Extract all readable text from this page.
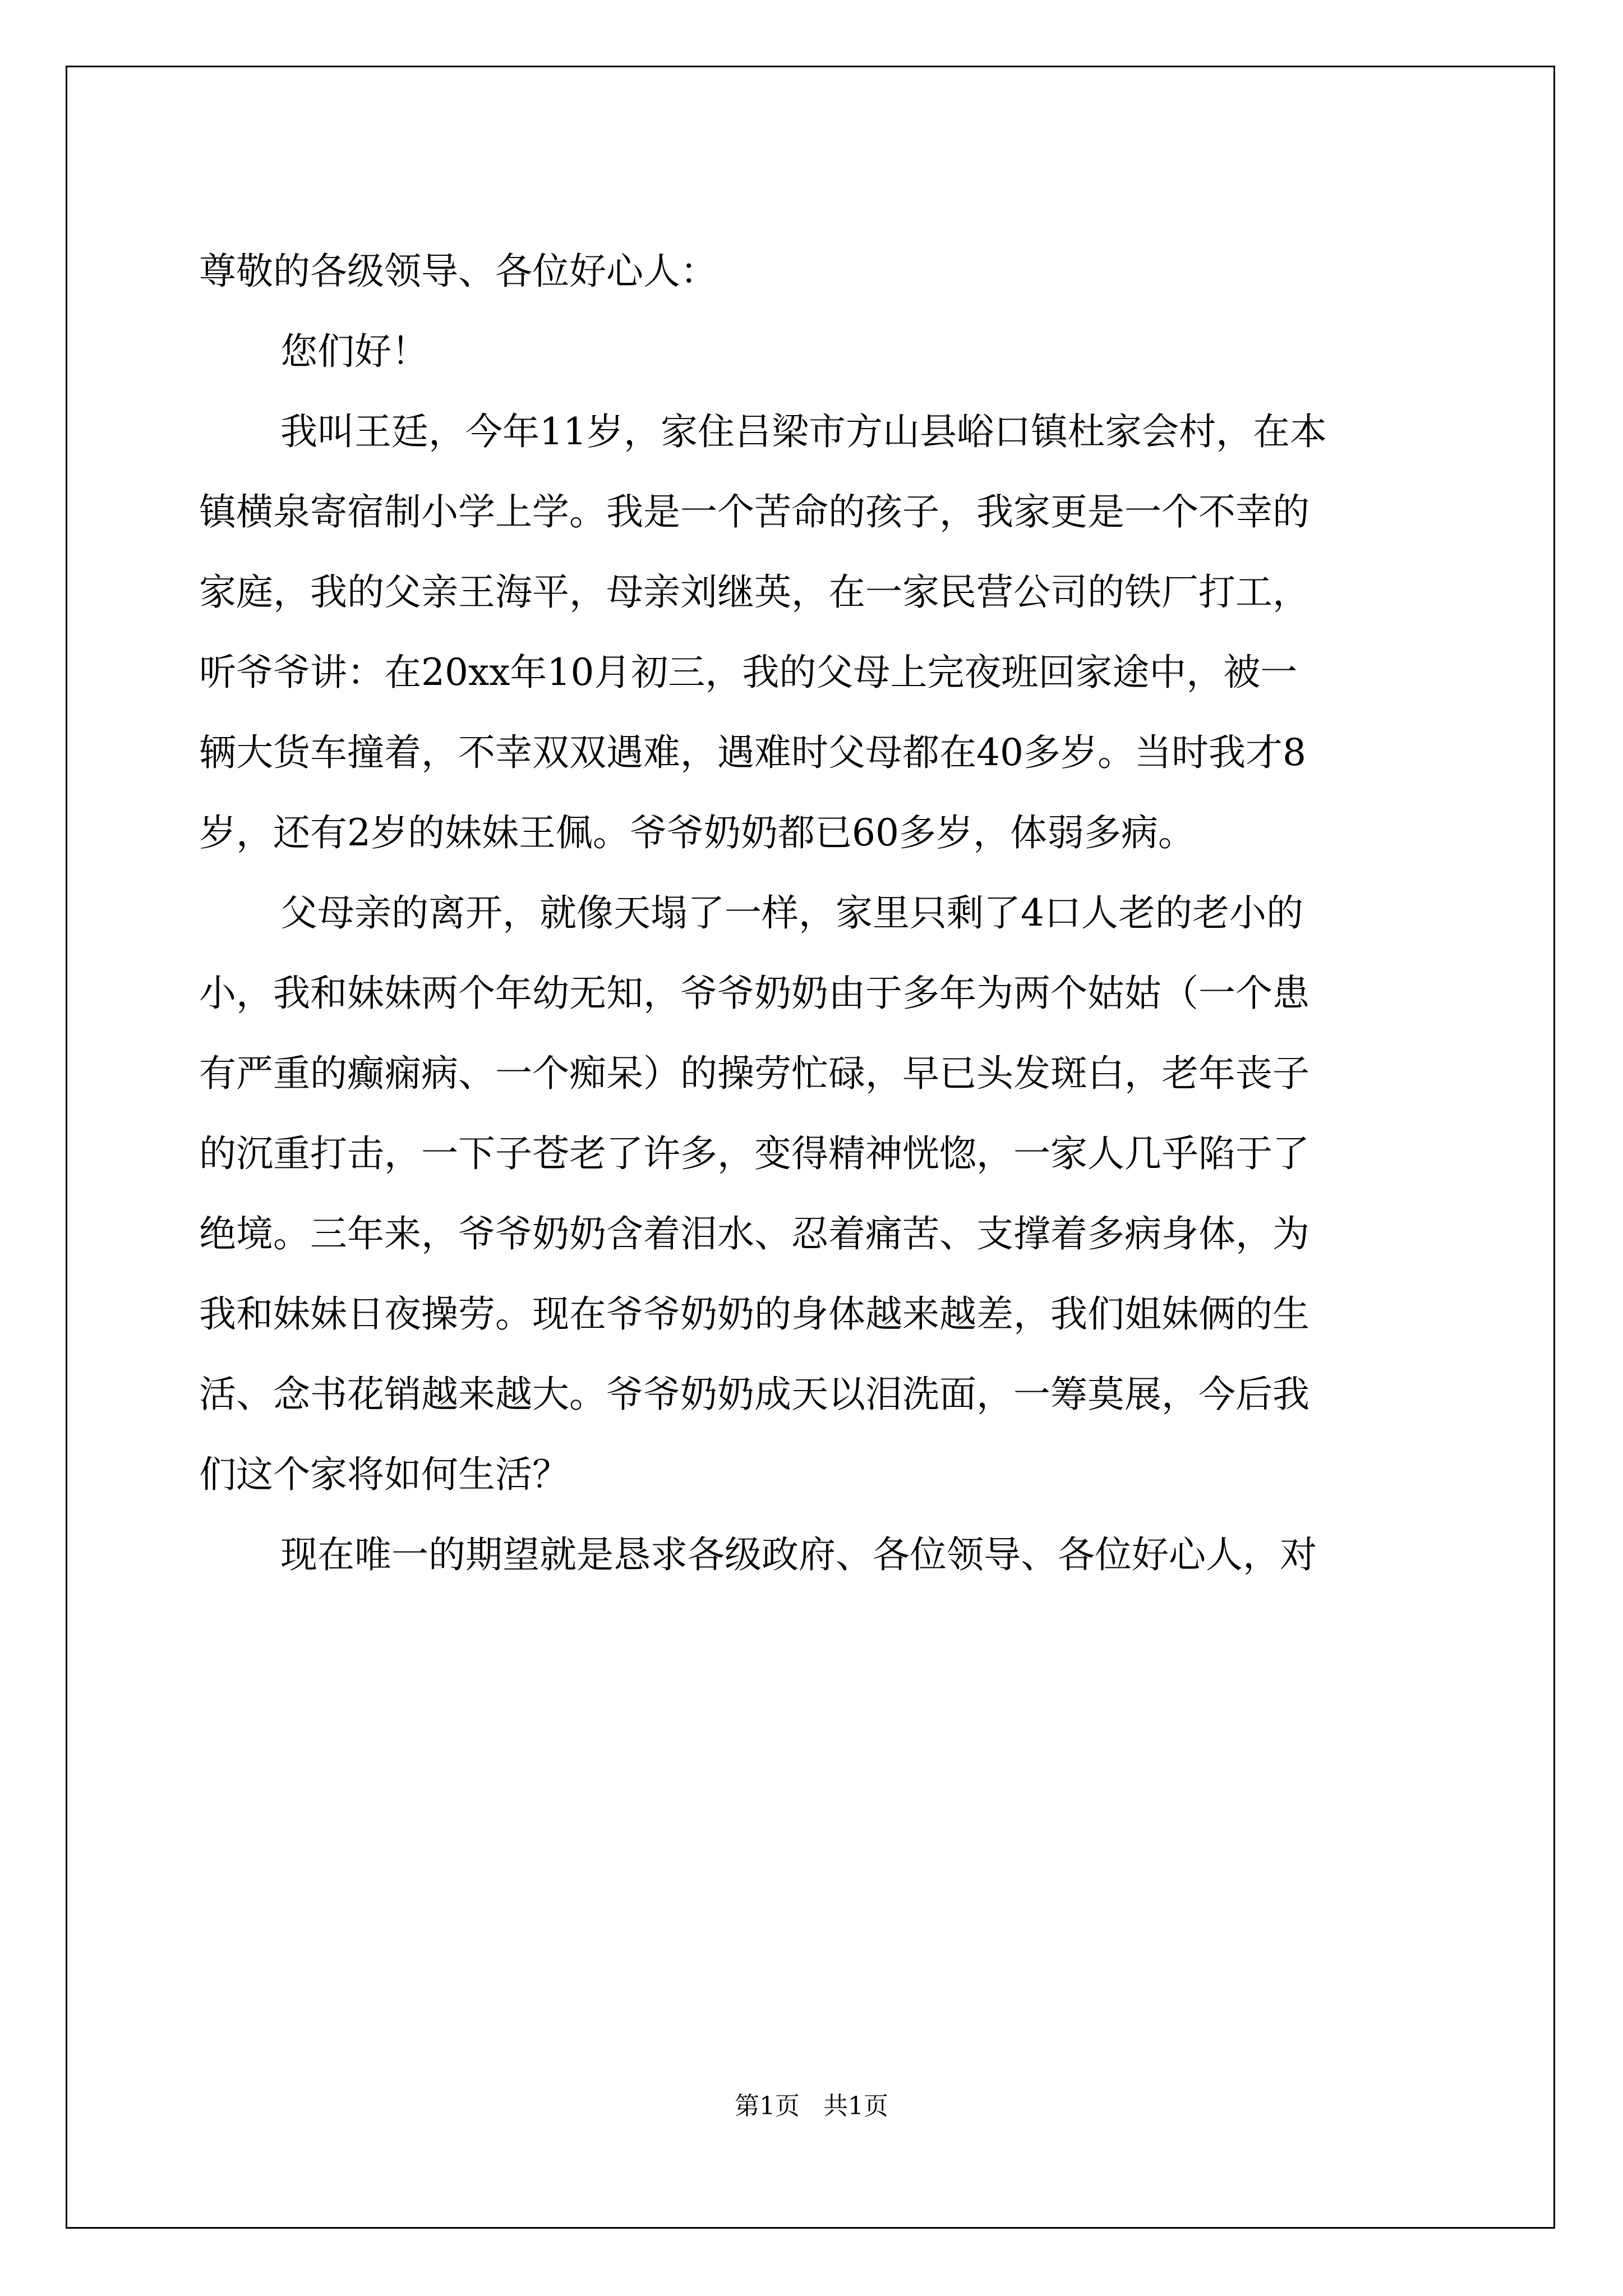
尊敬的各级领导、各位好心人：
您们好！
我叫王廷，今年11岁，家住吕梁市方山县峪口镇杜家会村，在本
镇横泉寄宿制小学上学。我是一个苦命的孩子，我家更是一个不幸的
家庭，我的父亲王海平，母亲刘继英，在一家民营公司的铁厂打工，
听爷爷讲：在20xx年10月初三，我的父母上完夜班回家途中，被一
辆大货车撞着，不幸双双遇难，遇难时父母都在40多岁。当时我才8
岁，还有2岁的妹妹王佩。爷爷奶奶都已60多岁，体弱多病。
父母亲的离开，就像天塌了一样，家里只剩了4口人老的老小的
小，我和妹妹两个年幼无知，爷爷奶奶由于多年为两个姑姑（一个患
有严重的癫痫病、一个痴呆）的操劳忙碌，早已头发斑白，老年丧子
的沉重打击，一下子苍老了许多，变得精神恍惚，一家人几乎陷于了
绝境。三年来，爷爷奶奶含着泪水、忍着痛苦、支撑着多病身体，为
我和妹妹日夜操劳。现在爷爷奶奶的身体越来越差，我们姐妹俩的生
活、念书花销越来越大。爷爷奶奶成天以泪洗面，一筹莫展，今后我
们这个家将如何生活？
现在唯一的期望就是恳求各级政府、各位领导、各位好心人，对
第1页   共1页
